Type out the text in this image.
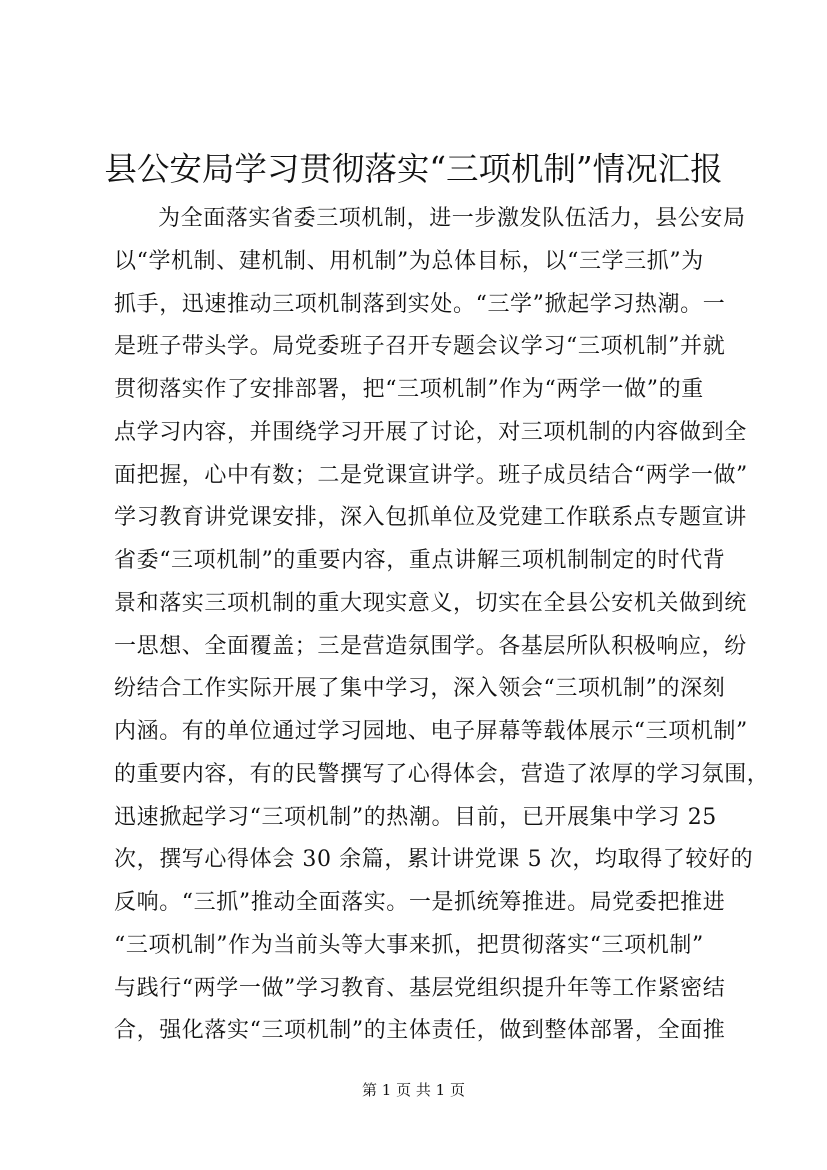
县公安局学习贯彻落实“三项机制”情况汇报
为全面落实省委三项机制，进一步激发队伍活力，县公安局
以“学机制、建机制、用机制”为总体目标，以“三学三抓”为
抓手，迅速推动三项机制落到实处。“三学”掀起学习热潮。一
是班子带头学。局党委班子召开专题会议学习“三项机制”并就
贯彻落实作了安排部署，把“三项机制”作为“两学一做”的重
点学习内容，并围绕学习开展了讨论，对三项机制的内容做到全
面把握，心中有数；二是党课宣讲学。班子成员结合“两学一做”
学习教育讲党课安排，深入包抓单位及党建工作联系点专题宣讲
省委“三项机制”的重要内容，重点讲解三项机制制定的时代背
景和落实三项机制的重大现实意义，切实在全县公安机关做到统
一思想、全面覆盖；三是营造氛围学。各基层所队积极响应，纷
纷结合工作实际开展了集中学习，深入领会“三项机制”的深刻
内涵。有的单位通过学习园地、电子屏幕等载体展示“三项机制”
的重要内容，有的民警撰写了心得体会，营造了浓厚的学习氛围，
迅速掀起学习“三项机制”的热潮。目前，已开展集中学习 25
次，撰写心得体会 30 余篇，累计讲党课 5 次，均取得了较好的
反响。“三抓”推动全面落实。一是抓统筹推进。局党委把推进
“三项机制”作为当前头等大事来抓，把贯彻落实“三项机制”
与践行“两学一做”学习教育、基层党组织提升年等工作紧密结
合，强化落实“三项机制”的主体责任，做到整体部署，全面推
第 1 页 共 1 页
